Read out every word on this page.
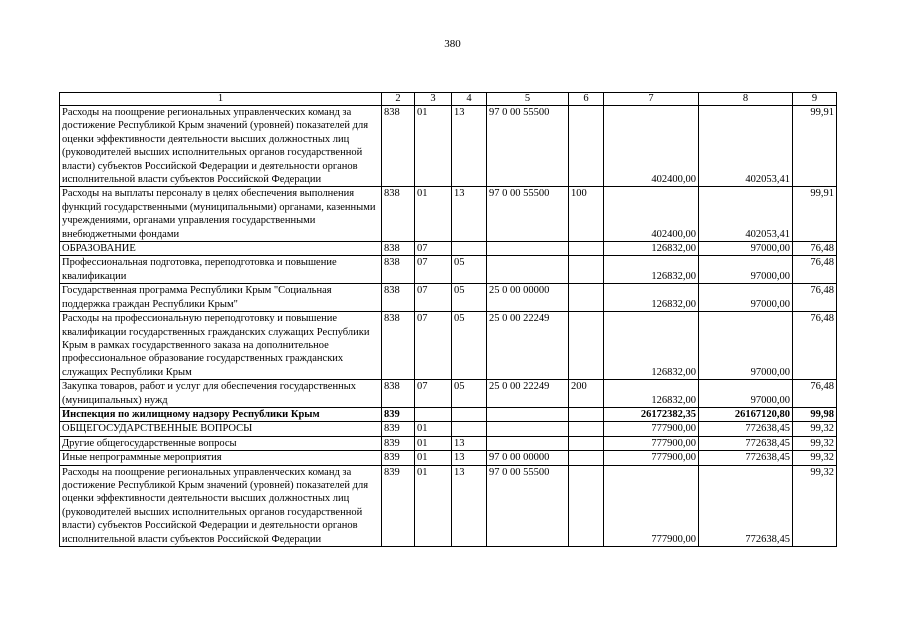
380
1	2	3	4	5	6	7	8	9
Расходы на поощрение региональных управленческих команд за достижение Республикой Крым значений (уровней) показателей для оценки эффективности деятельности высших должностных лиц (руководителей высших исполнительных органов государственной власти) субъектов Российской Федерации и деятельности органов исполнительной власти субъектов Российской Федерации	838	01	13	97 0 00 55500		402400,00	402053,41	99,91
Расходы на выплаты персоналу в целях обеспечения выполнения функций государственными (муниципальными) органами, казенными учреждениями, органами управления государственными внебюджетными фондами	838	01	13	97 0 00 55500	100	402400,00	402053,41	99,91
ОБРАЗОВАНИЕ	838	07				126832,00	97000,00	76,48
Профессиональная подготовка, переподготовка и повышение квалификации	838	07	05			126832,00	97000,00	76,48
Государственная программа Республики Крым "Социальная поддержка граждан Республики Крым"	838	07	05	25 0 00 00000		126832,00	97000,00	76,48
Расходы на профессиональную переподготовку и повышение квалификации государственных гражданских служащих Республики Крым в рамках государственного заказа на дополнительное профессиональное образование государственных гражданских служащих Республики Крым	838	07	05	25 0 00 22249		126832,00	97000,00	76,48
Закупка товаров, работ и услуг для обеспечения государственных (муниципальных) нужд	838	07	05	25 0 00 22249	200	126832,00	97000,00	76,48
Инспекция по жилищному надзору Республики Крым	839					26172382,35	26167120,80	99,98
ОБЩЕГОСУДАРСТВЕННЫЕ ВОПРОСЫ	839	01				777900,00	772638,45	99,32
Другие общегосударственные вопросы	839	01	13			777900,00	772638,45	99,32
Иные непрограммные мероприятия	839	01	13	97 0 00 00000		777900,00	772638,45	99,32
Расходы на поощрение региональных управленческих команд за достижение Республикой Крым значений (уровней) показателей для оценки эффективности деятельности высших должностных лиц (руководителей высших исполнительных органов государственной власти) субъектов Российской Федерации и деятельности органов исполнительной власти субъектов Российской Федерации	839	01	13	97 0 00 55500		777900,00	772638,45	99,32
